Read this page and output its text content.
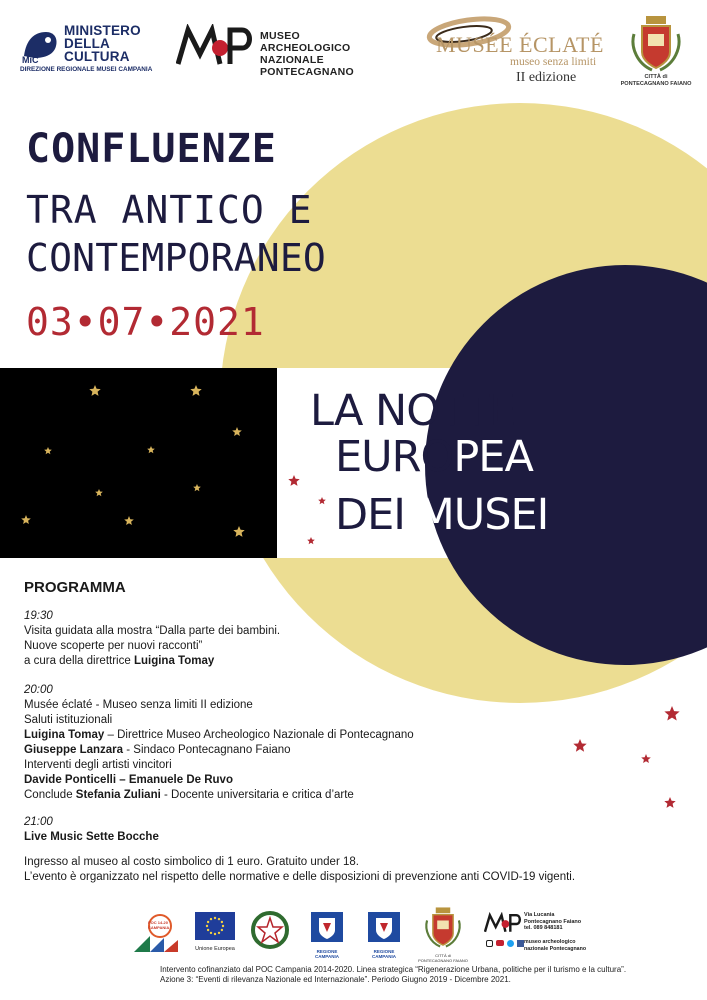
MiC
MINISTERO
DELLA
CULTURA
DIREZIONE REGIONALE MUSEI CAMPANIA
MUSEO
ARCHEOLOGICO NAZIONALE
PONTECAGNANO
MUSÉE ÉCLATÉ
museo senza limiti
II edizione	CITTÀ di
PONTECAGNANO FAIANO
CONFLUENZE
TRA ANTICO E
CONTEMPORANEO
03•07•2021
LA NOTTE
EUROPEA
DEI MUSEI
PROGRAMMA
19:30
Visita guidata alla mostra “Dalla parte dei bambini.
Nuove scoperte per nuovi racconti”
a cura della direttrice Luigina Tomay
20:00
Musée éclaté - Museo senza limiti II edizione
Saluti istituzionali
Luigina Tomay – Direttrice Museo Archeologico Nazionale di Pontecagnano
Giuseppe Lanzara - Sindaco Pontecagnano Faiano
Interventi degli artisti vincitori
Davide Ponticelli – Emanuele De Ruvo
Conclude Stefania Zuliani - Docente universitaria e critica d’arte
21:00
Live Music Sette Bocche
Ingresso al museo al costo simbolico di 1 euro. Gratuito under 18.
L’evento è organizzato nel rispetto delle normative e delle disposizioni di prevenzione anti COVID-19 vigenti.
POC 14-20 CAMPANIA
Unione Europea	REGIONE CAMPANIA
REGIONE CAMPANIA	CITTÀ di PONTECAGNANO FAIANO
Via Lucania
Pontecagnano Faiano
tel. 089 848181
museo archeologico
nazionale Pontecagnano
Intervento cofinanziato dal POC Campania 2014-2020. Linea strategica “Rigenerazione Urbana, politiche per il turismo e la cultura”.
Azione 3: “Eventi di rilevanza Nazionale ed Internazionale”. Periodo Giugno 2019 - Dicembre 2021.
